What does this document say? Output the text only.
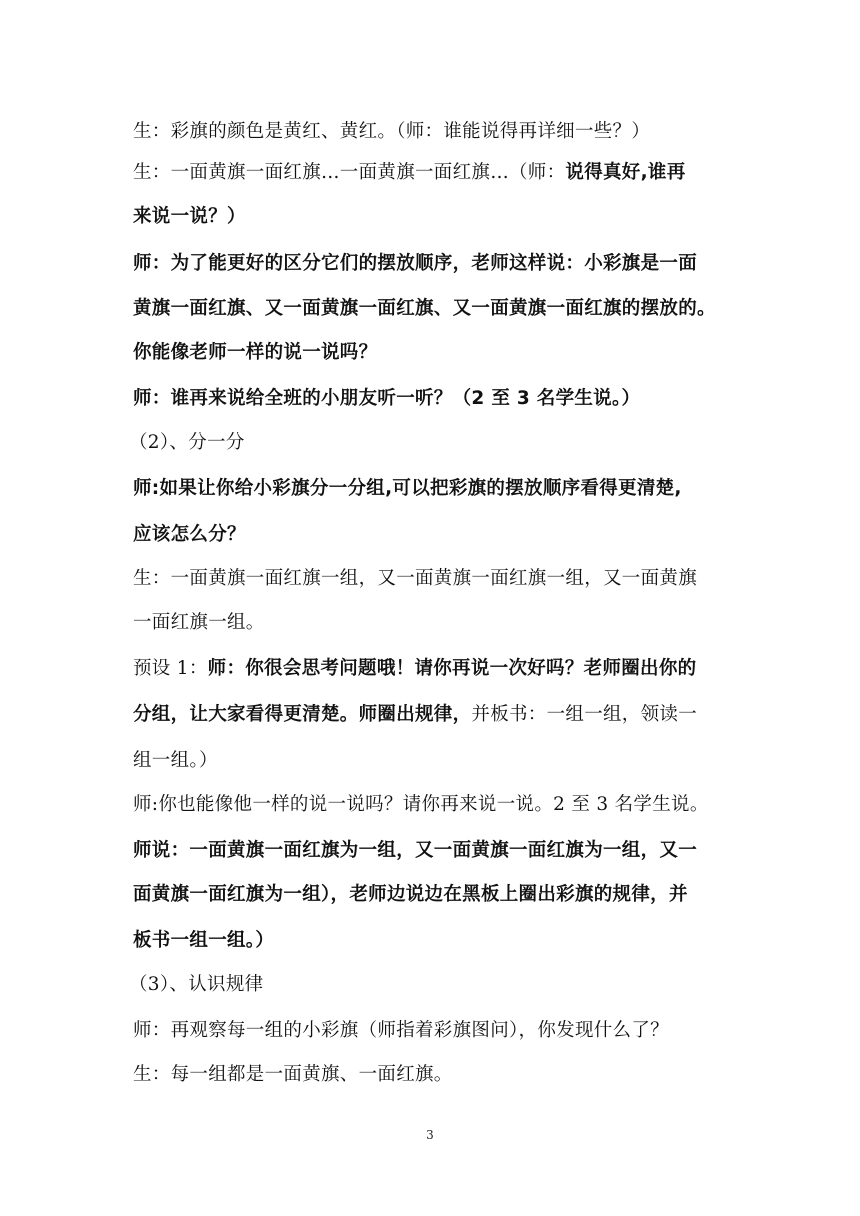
生：彩旗的颜色是黄红、黄红。（师：谁能说得再详细一些？）
生：一面黄旗一面红旗…一面黄旗一面红旗…（师：说得真好,谁再
来说一说？）
师：为了能更好的区分它们的摆放顺序，老师这样说：小彩旗是一面
黄旗一面红旗、又一面黄旗一面红旗、又一面黄旗一面红旗的摆放的。
你能像老师一样的说一说吗？
师：谁再来说给全班的小朋友听一听？（2 至 3 名学生说。）
（2）、分一分
师:如果让你给小彩旗分一分组,可以把彩旗的摆放顺序看得更清楚,
应该怎么分？
生：一面黄旗一面红旗一组，又一面黄旗一面红旗一组，又一面黄旗
一面红旗一组。
预设 1：师：你很会思考问题哦！请你再说一次好吗？老师圈出你的
分组，让大家看得更清楚。师圈出规律，并板书：一组一组，领读一
组一组。）
师:你也能像他一样的说一说吗？请你再来说一说。2 至 3 名学生说。
师说：一面黄旗一面红旗为一组，又一面黄旗一面红旗为一组，又一
面黄旗一面红旗为一组），老师边说边在黑板上圈出彩旗的规律，并
板书一组一组。）
（3）、认识规律
师：再观察每一组的小彩旗（师指着彩旗图问），你发现什么了？
生：每一组都是一面黄旗、一面红旗。
3
